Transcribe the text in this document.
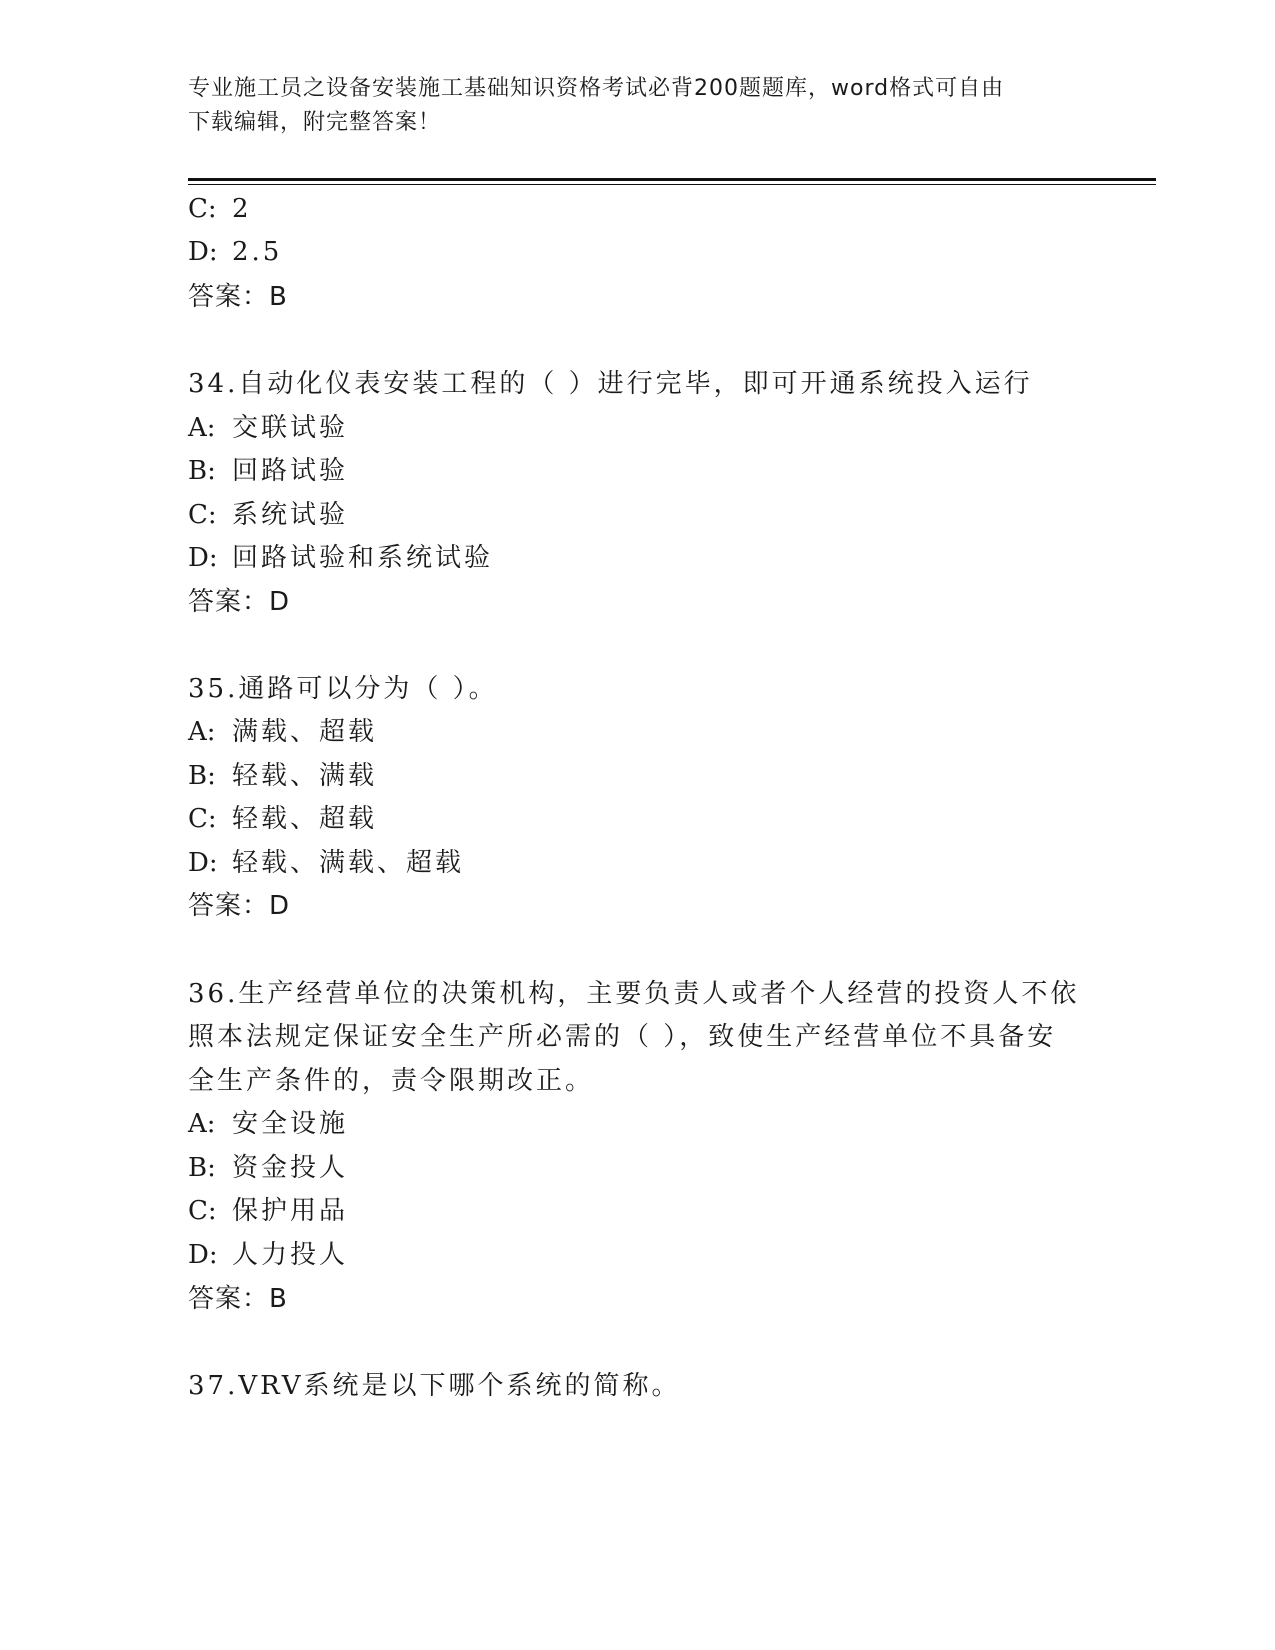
专业施工员之设备安装施工基础知识资格考试必背200题题库，word格式可自由
下载编辑，附完整答案！
C: 2
D: 2.5
答案：B
34.自动化仪表安装工程的（ ）进行完毕，即可开通系统投入运行
A: 交联试验
B: 回路试验
C: 系统试验
D: 回路试验和系统试验
答案：D
35.通路可以分为（ ）。
A: 满载、超载
B: 轻载、满载
C: 轻载、超载
D: 轻载、满载、超载
答案：D
36.生产经营单位的决策机构，主要负责人或者个人经营的投资人不依
照本法规定保证安全生产所必需的（ ），致使生产经营单位不具备安
全生产条件的，责令限期改正。
A: 安全设施
B: 资金投人
C: 保护用品
D: 人力投人
答案：B
37.VRV系统是以下哪个系统的简称。
